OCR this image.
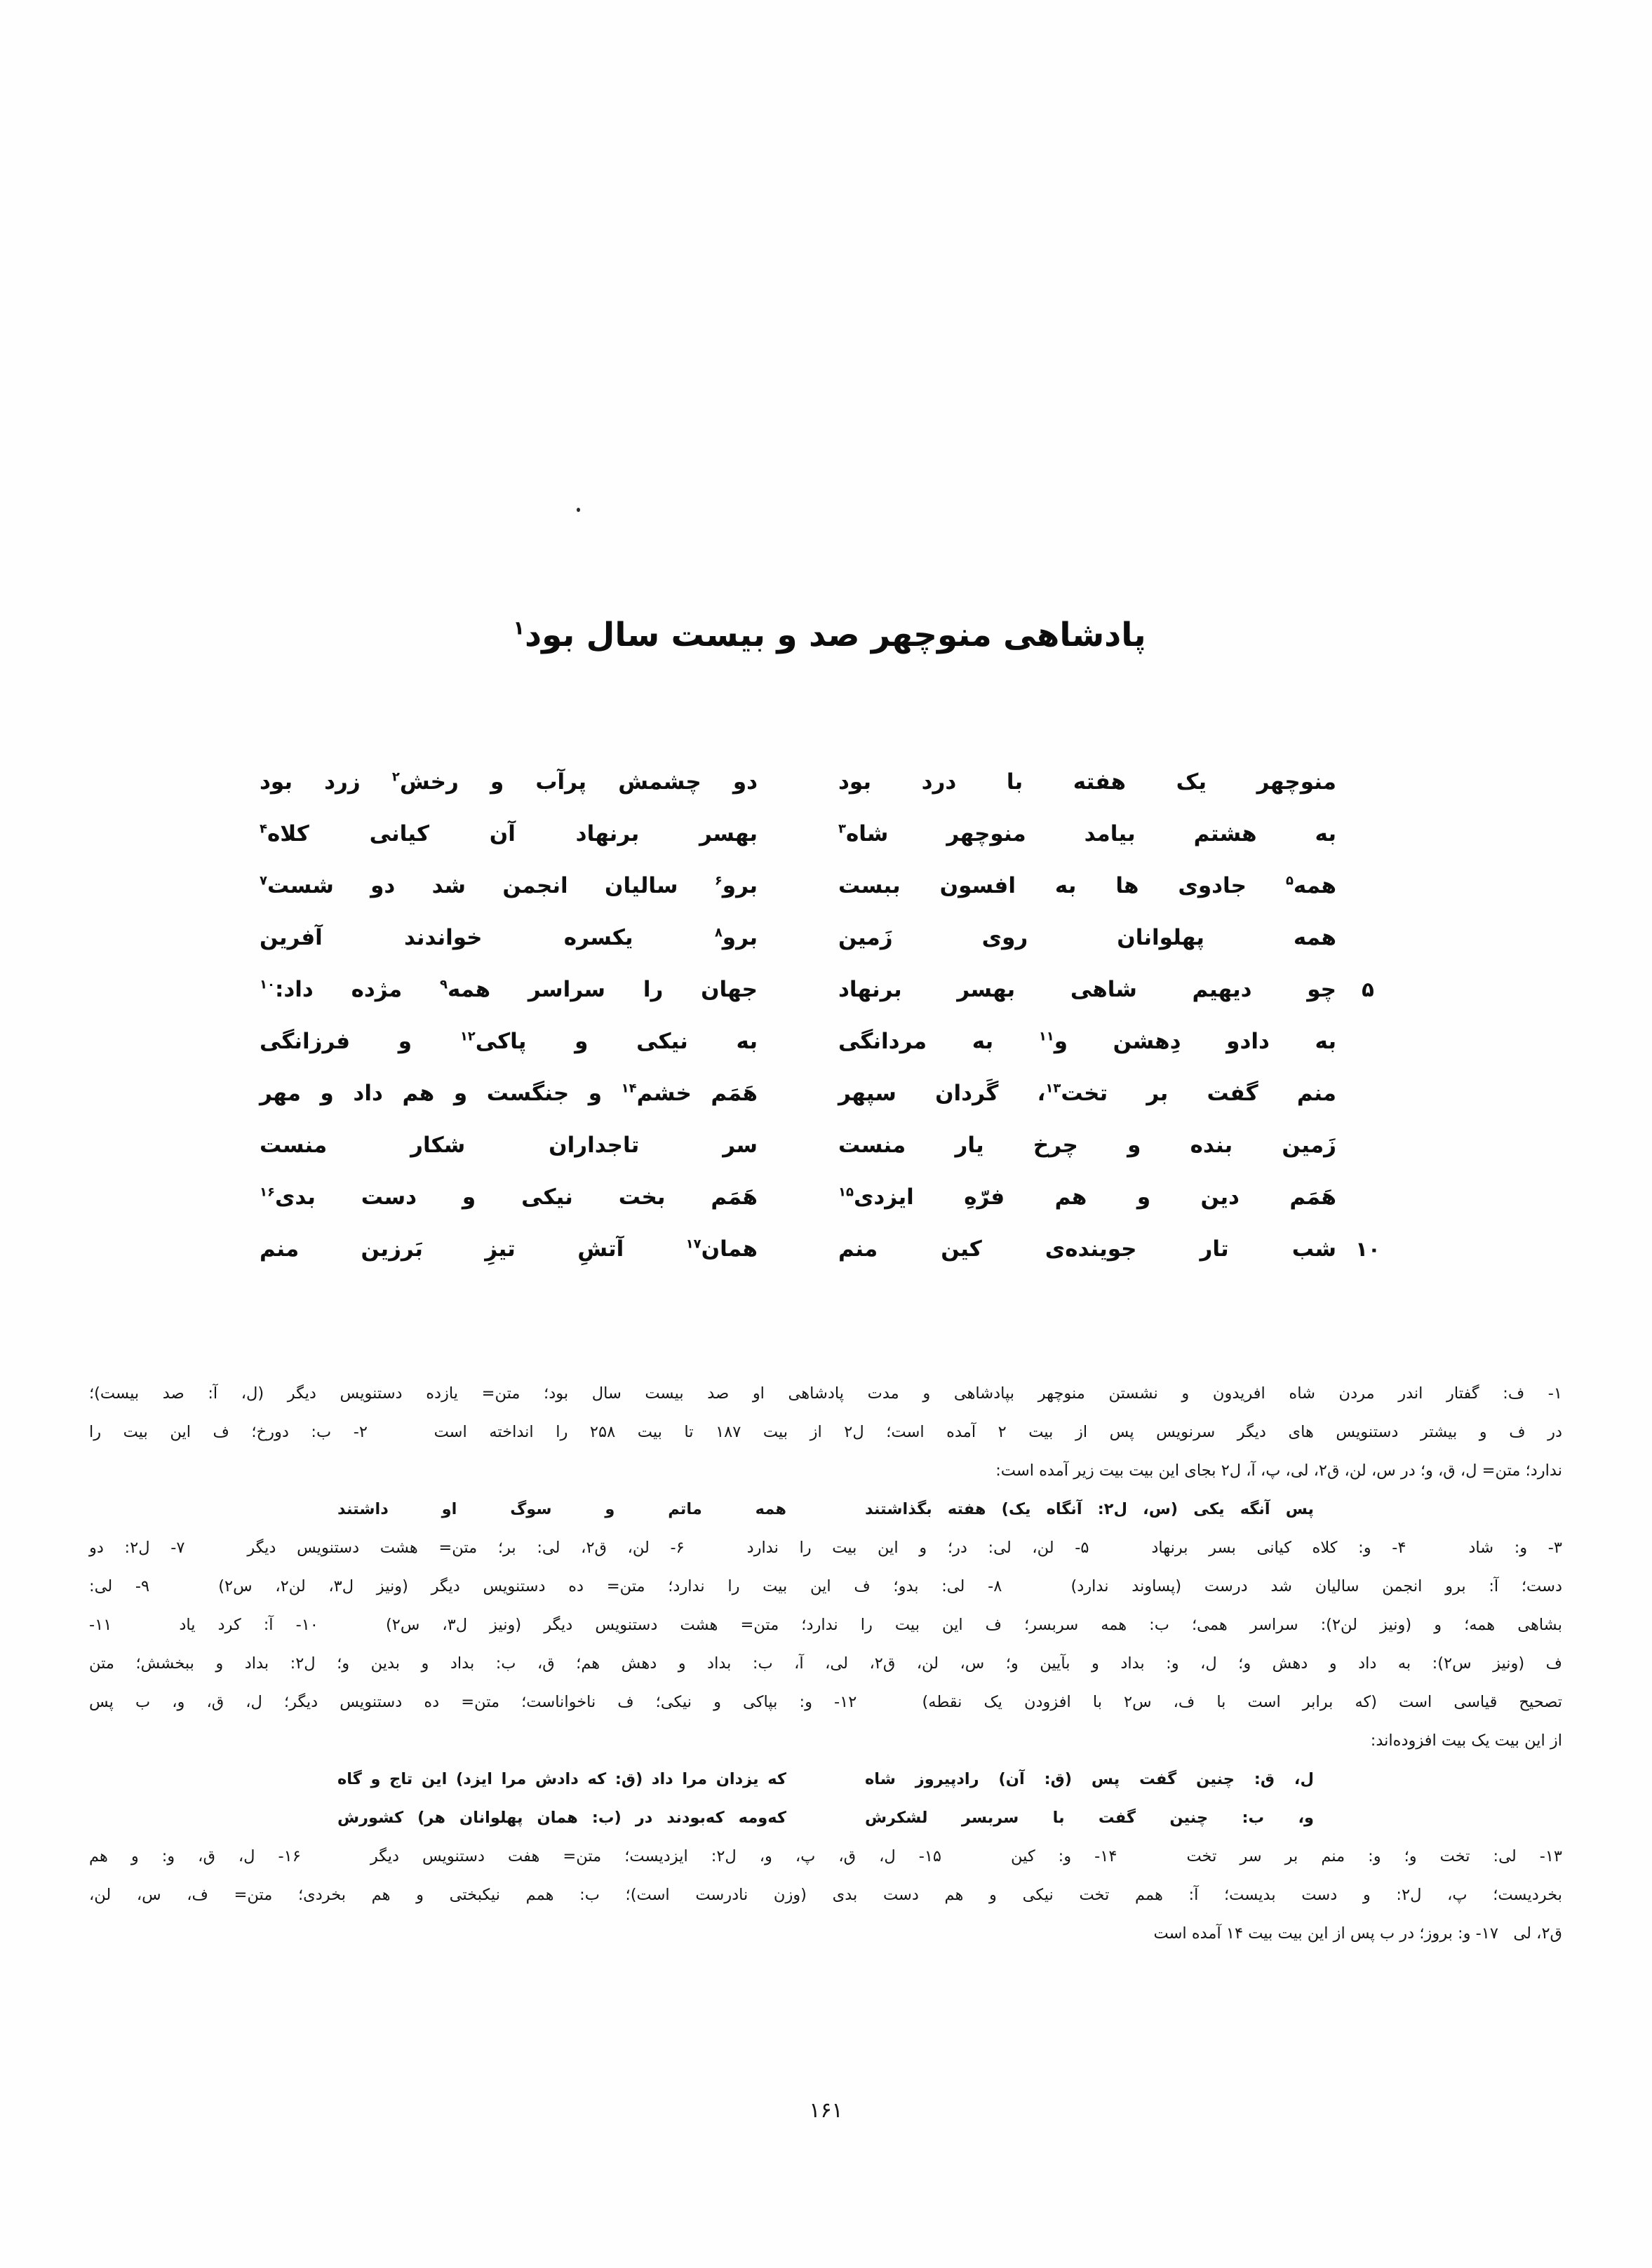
پادشاهی منوچهر صد و بیست سال بود$^۱$
منوچهر یک هفته با درد بود
دو چشمش پرآب و رخش$^۲$ زرد بود
به هشتم بیامد منوچهر شاه$^۳$
بهسر برنهاد آن کیانی کلاه$^۴$
همه$^۵$ جادوی ها به افسون ببست
برو$^۶$ سالیان انجمن شد دو شست$^۷$
همه پهلوانان روی زَمین
برو$^۸$ یکسره خواندند آفرین
۵
چو دیهیم شاهی بهسر برنهاد
جهان را سراسر همه$^۹$ مژده داد:$^{۱۰}$
به دادو دِهشن و$^{۱۱}$ به مردانگی
به نیکی و پاکی$^{۱۲}$ و فرزانگی
منم گفت بر تخت$^{۱۳}$، گَردان سپهر
هَمَم خشم$^{۱۴}$ و جنگست و هم داد و مهر
زَمین بنده و چرخ یار منست
سر تاجداران شکار منست
هَمَم دین و هم فرّهِ ایزدی$^{۱۵}$
هَمَم بخت نیکی و دست بدی$^{۱۶}$
۱۰
شب تار جوینده‌ی کین منم
همان$^{۱۷}$ آتشِ تیزِ بَرزین منم
۱- ف: گفتار اندر مردن شاه افریدون و نشستن منوچهر بپادشاهی و مدت پادشاهی او صد بیست سال بود؛ متن= یازده دستنویس دیگر (ل، آ: صد بیست)؛
در ف و بیشتر دستنویس های دیگر سرنویس پس از بیت ۲ آمده است؛ ل۲ از بیت ۱۸۷ تا بیت ۲۵۸ را انداخته است   ۲- ب: دورخ؛ ف این بیت را
ندارد؛ متن= ل، ق، و؛ در س، لن، ق۲، لی، پ، آ، ل۲ بجای این بیت بیت زیر آمده است:
پس آنگه یکی (س، ل۲: آنگاه یک) هفته بگذاشتند
همه ماتم و سوگ او داشتند
۳- و: شاد   ۴- و: کلاه کیانی بسر برنهاد   ۵- لن، لی: در؛ و این بیت را ندارد   ۶- لن، ق۲، لی: بر؛ متن= هشت دستنویس دیگر   ۷- ل۲: دو
دست؛ آ: برو انجمن سالیان شد درست (پساوند ندارد)   ۸- لی: بدو؛ ف این بیت را ندارد؛ متن= ده دستنویس دیگر (ونیز ل۳، لن۲، س۲)   ۹- لی:
بشاهی همه؛ و (ونیز لن۲): سراسر همی؛ ب: همه سربسر؛ ف این بیت را ندارد؛ متن= هشت دستنویس دیگر (ونیز ل۳، س۲)   ۱۰- آ: کرد یاد   ۱۱-
ف (ونیز س۲): به داد و دهش و؛ ل، و: بداد و بآیین و؛ س، لن، ق۲، لی، آ، ب: بداد و دهش هم؛ ق، ب: بداد و بدین و؛ ل۲: بداد و ببخشش؛ متن
تصحیح قیاسی است (که برابر است با ف، س۲ با افزودن یک نقطه)   ۱۲- و: بپاکی و نیکی؛ ف ناخواناست؛ متن= ده دستنویس دیگر؛ ل، ق، و، ب پس
از این بیت یک بیت افزوده‌اند:
ل، ق: چنین گفت پس (ق: آن) رادپیروز شاه
که یزدان مرا داد (ق: که دادش مرا ایزد) این تاج و گاه
و، ب: چنین گفت با سربسر لشکرش
که‌ومه که‌بودند در (ب: همان پهلوانان هر) کشورش
۱۳- لی: تخت و؛ و: منم بر سر تخت   ۱۴- و: کین   ۱۵- ل، ق، پ، و، ل۲: ایزدیست؛ متن= هفت دستنویس دیگر   ۱۶- ل، ق، و: و هم
بخردیست؛ پ، ل۲: و دست بدیست؛ آ: همم تخت نیکی و هم دست بدی (وزن نادرست است)؛ ب: همم نیکبختی و هم بخردی؛ متن= ف، س، لن،
ق۲، لی   ۱۷- و: بروز؛ در ب پس از این بیت بیت ۱۴ آمده است
۱۶۱
